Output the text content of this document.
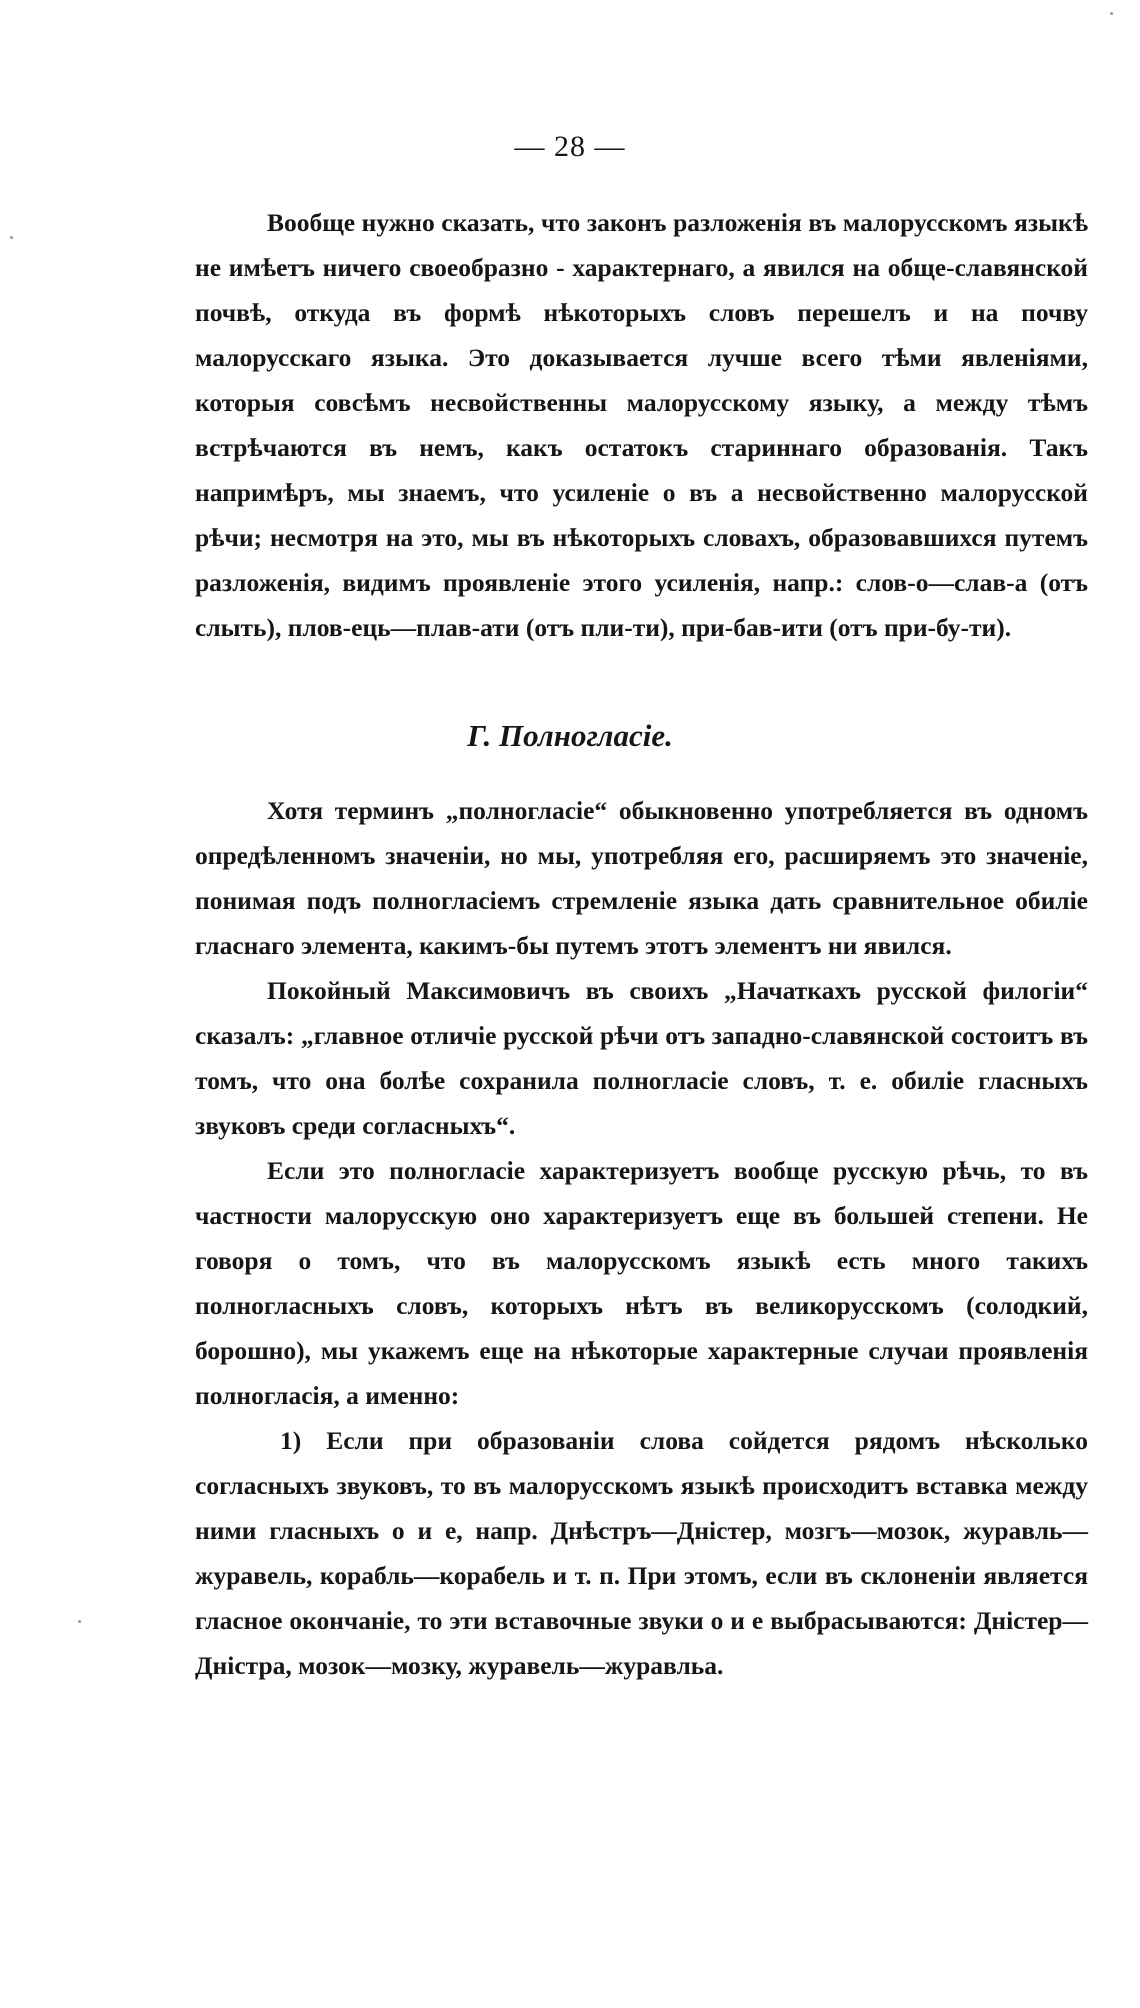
— 28 —

Вообще нужно сказать, что законъ разложенія въ малорусскомъ языкѣ не имѣетъ ничего своеобразно - характернаго, а явился на обще-славянской почвѣ, откуда въ формѣ нѣкоторыхъ словъ перешелъ и на почву малорусскаго языка. Это доказывается лучше всего тѣми явленіями, которыя совсѣмъ несвойственны малорусскому языку, а между тѣмъ встрѣчаются въ немъ, какъ остатокъ стариннаго образованія. Такъ напримѣръ, мы знаемъ, что усиленіе о въ а несвойственно малорусской рѣчи; несмотря на это, мы въ нѣкоторыхъ словахъ, образовавшихся путемъ разложенія, видимъ проявленіе этого усиленія, напр.: слов-о—слав-а (отъ слыть), плов-ець—плав-ати (отъ пли-ти), при-бав-ити (отъ при-бу-ти).

Г. Полногласіе.

Хотя терминъ „полногласіе“ обыкновенно употребляется въ одномъ опредѣленномъ значеніи, но мы, употребляя его, расширяемъ это значеніе, понимая подъ полногласіемъ стремленіе языка дать сравнительное обиліе гласнаго элемента, какимъ-бы путемъ этотъ элементъ ни явился.

Покойный Максимовичъ въ своихъ „Начаткахъ русской филогіи“ сказалъ: „главное отличіе русской рѣчи отъ западно-славянской состоитъ въ томъ, что она болѣе сохранила полногласіе словъ, т. е. обиліе гласныхъ звуковъ среди согласныхъ“.

Если это полногласіе характеризуетъ вообще русскую рѣчь, то въ частности малорусскую оно характеризуетъ еще въ большей степени. Не говоря о томъ, что въ малорусскомъ языкѣ есть много такихъ полногласныхъ словъ, которыхъ нѣтъ въ великорусскомъ (солодкий, борошно), мы укажемъ еще на нѣкоторые характерные случаи проявленія полногласія, а именно:

1) Если при образованіи слова сойдется рядомъ нѣсколько согласныхъ звуковъ, то въ малорусскомъ языкѣ происходитъ вставка между ними гласныхъ о и е, напр. Днѣстръ—Днiстер, мозгъ—мозок, журавль—журавель, корабль—корабель и т. п. При этомъ, если въ склоненіи является гласное окончаніе, то эти вставочные звуки о и е выбрасываются: Днiстер—Днiстра, мозок—мозку, журавель—журавльа.
